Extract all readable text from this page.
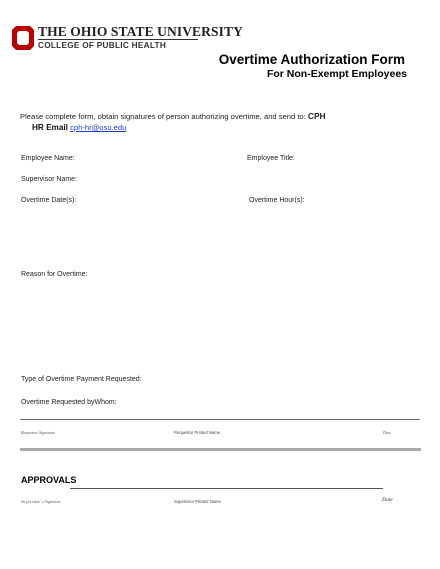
THE OHIO STATE UNIVERSITY
COLLEGE OF PUBLIC HEALTH
Overtime Authorization Form
For Non-Exempt Employees
Please complete form, obtain signatures of person authorizing overtime, and send to: CPH
HR Email cph-hr@osu.edu
Employee Name:	Employee Title:
Supervisor Name:
Overtime Date(s):	Overtime Hour(s):
Reason for Overtime:
Type of Overtime Payment Requested:
Overtime Requested byWhom:
Requestor Signature	Requestor Printed Name	Date
APPROVALS
Su pervisor' s Signature	Supervisor Printed Name	Date
